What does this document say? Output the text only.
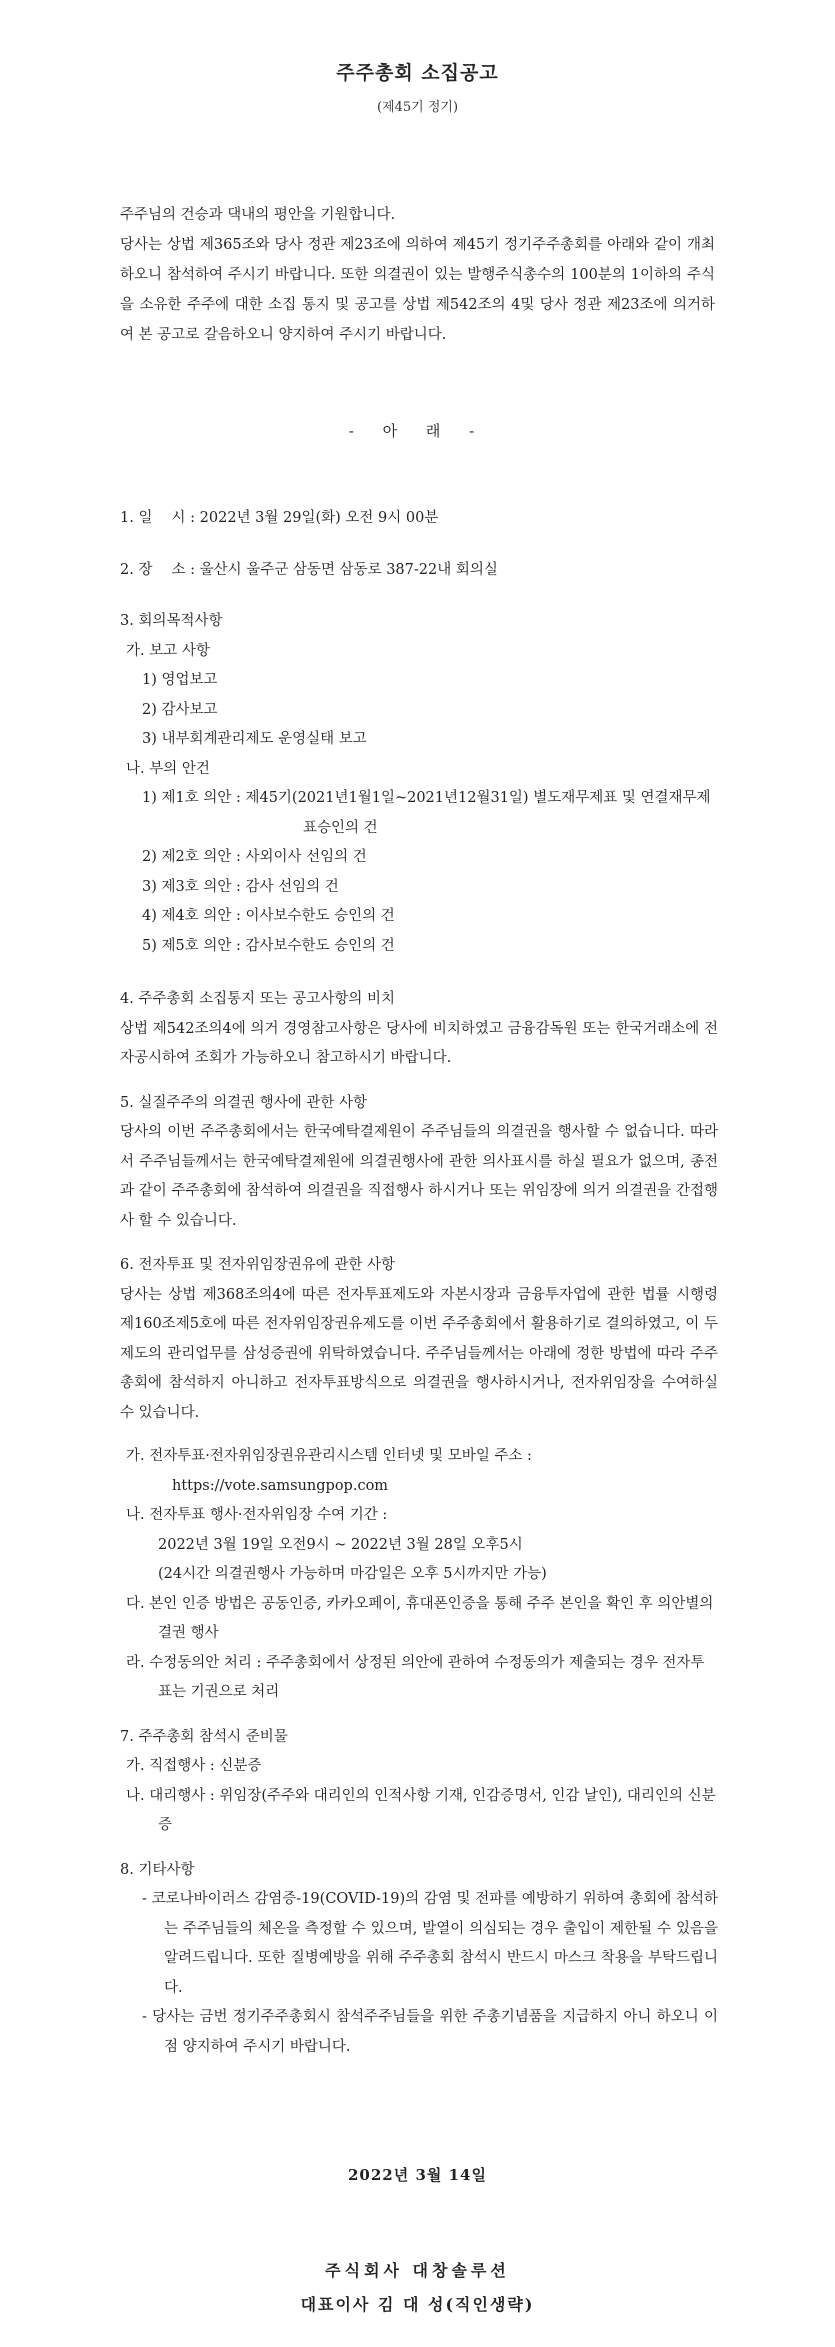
주주총회 소집공고
(제45기 정기)

주주님의 건승과 댁내의 평안을 기원합니다.

당사는 상법 제365조와 당사 정관 제23조에 의하여 제45기 정기주주총회를 아래와 같이 개최하오니 참석하여 주시기 바랍니다. 또한 의결권이 있는 발행주식총수의 100분의 1이하의 주식을 소유한 주주에 대한 소집 통지 및 공고를 상법 제542조의 4및 당사 정관 제23조에 의거하여 본 공고로 갈음하오니 양지하여 주시기 바랍니다.

- 아 래 -

1. 일　 시 : 2022년 3월 29일(화) 오전 9시 00분

2. 장　 소 : 울산시 울주군 삼동면 삼동로 387-22내 회의실

3. 회의목적사항

가. 보고 사항

1) 영업보고

2) 감사보고

3) 내부회계관리제도 운영실태 보고

나. 부의 안건

1) 제1호 의안 : 제45기(2021년1월1일~2021년12월31일) 별도재무제표 및 연결재무제표승인의 건

2) 제2호 의안 : 사외이사 선임의 건

3) 제3호 의안 : 감사 선임의 건

4) 제4호 의안 : 이사보수한도 승인의 건

5) 제5호 의안 : 감사보수한도 승인의 건

4. 주주총회 소집통지 또는 공고사항의 비치

상법 제542조의4에 의거 경영참고사항은 당사에 비치하였고 금융감독원 또는 한국거래소에 전자공시하여 조회가 가능하오니 참고하시기 바랍니다.

5. 실질주주의 의결권 행사에 관한 사항

당사의 이번 주주총회에서는 한국예탁결제원이 주주님들의 의결권을 행사할 수 없습니다. 따라서 주주님들께서는 한국예탁결제원에 의결권행사에 관한 의사표시를 하실 필요가 없으며, 종전과 같이 주주총회에 참석하여 의결권을 직접행사 하시거나 또는 위임장에 의거 의결권을 간접행사 할 수 있습니다.

6. 전자투표 및 전자위임장권유에 관한 사항

당사는 상법 제368조의4에 따른 전자투표제도와 자본시장과 금융투자업에 관한 법률 시행령 제160조제5호에 따른 전자위임장권유제도를 이번 주주총회에서 활용하기로 결의하였고, 이 두 제도의 관리업무를 삼성증권에 위탁하였습니다. 주주님들께서는 아래에 정한 방법에 따라 주주총회에 참석하지 아니하고 전자투표방식으로 의결권을 행사하시거나, 전자위임장을 수여하실 수 있습니다.

가. 전자투표·전자위임장권유관리시스템 인터넷 및 모바일 주소 :

https://vote.samsungpop.com

나. 전자투표 행사·전자위임장 수여 기간 :

2022년 3월 19일 오전9시 ~ 2022년 3월 28일 오후5시

(24시간 의결권행사 가능하며 마감일은 오후 5시까지만 가능)

다. 본인 인증 방법은 공동인증, 카카오페이, 휴대폰인증을 통해 주주 본인을 확인 후 의안별의결권 행사

라. 수정동의안 처리 : 주주총회에서 상정된 의안에 관하여 수정동의가 제출되는 경우 전자투표는 기권으로 처리

7. 주주총회 참석시 준비물

가. 직접행사 : 신분증

나. 대리행사 : 위임장(주주와 대리인의 인적사항 기재, 인감증명서, 인감 날인), 대리인의 신분증

8. 기타사항

- 코로나바이러스 감염증-19(COVID-19)의 감염 및 전파를 예방하기 위하여 총회에 참석하는 주주님들의 체온을 측정할 수 있으며, 발열이 의심되는 경우 출입이 제한될 수 있음을 알려드립니다. 또한 질병예방을 위해 주주총회 참석시 반드시 마스크 착용을 부탁드립니다.

- 당사는 금번 정기주주총회시 참석주주님들을 위한 주총기념품을 지급하지 아니 하오니 이점 양지하여 주시기 바랍니다.

2022년 3월 14일
주식회사 대창솔루션
대표이사 김 대 성(직인생략)
